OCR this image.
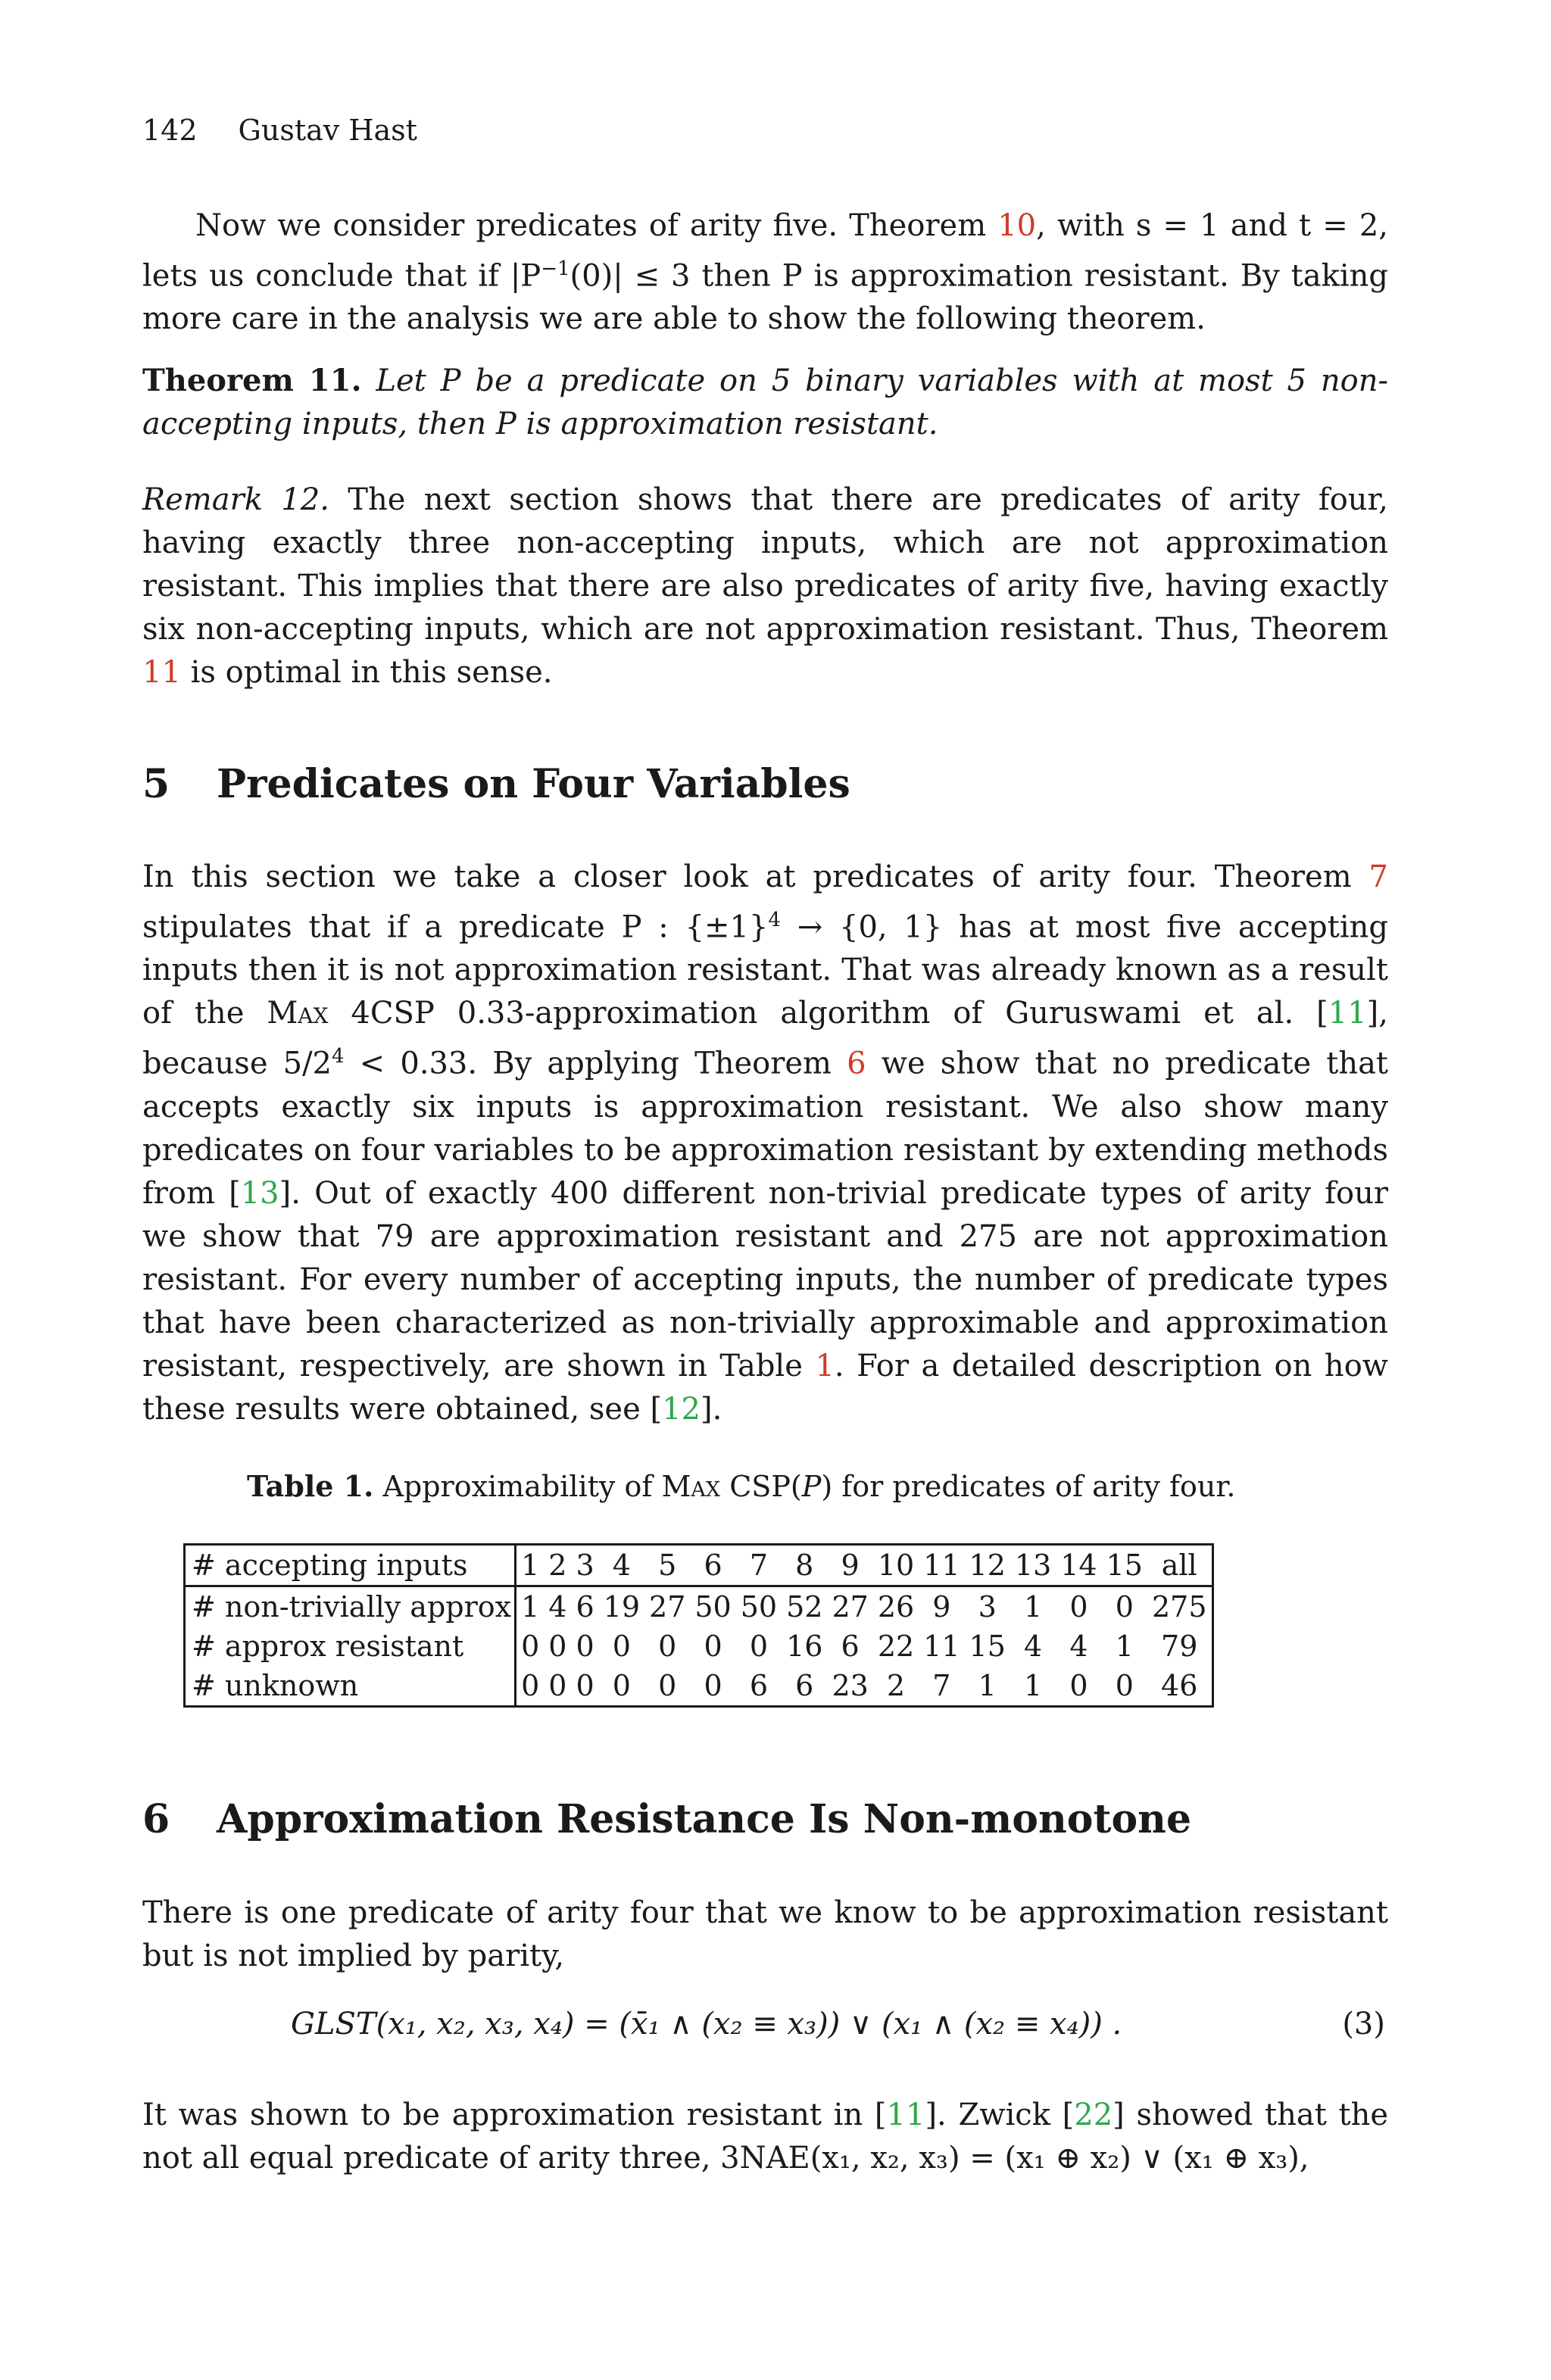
142 Gustav Hast

Now we consider predicates of arity five. Theorem 10, with s = 1 and t = 2, lets us conclude that if $|P^{-1}(0)| \le 3$ then P is approximation resistant. By taking more care in the analysis we are able to show the following theorem.

Theorem 11. Let P be a predicate on 5 binary variables with at most 5 non-accepting inputs, then P is approximation resistant.

Remark 12. The next section shows that there are predicates of arity four, having exactly three non-accepting inputs, which are not approximation resistant. This implies that there are also predicates of arity five, having exactly six non-accepting inputs, which are not approximation resistant. Thus, Theorem 11 is optimal in this sense.

5 Predicates on Four Variables

In this section we take a closer look at predicates of arity four. Theorem 7 stipulates that if a predicate P : $\{\pm 1\}^4 \to \{0$, 1} has at most five accepting inputs then it is not approximation resistant. That was already known as a result of the Max 4CSP 0.33-approximation algorithm of Guruswami et al. [11], because $5/2^4 < 0.33$. By applying Theorem 6 we show that no predicate that accepts exactly six inputs is approximation resistant. We also show many predicates on four variables to be approximation resistant by extending methods from [13]. Out of exactly 400 different non-trivial predicate types of arity four we show that 79 are approximation resistant and 275 are not approximation resistant. For every number of accepting inputs, the number of predicate types that have been characterized as non-trivially approximable and approximation resistant, respectively, are shown in Table 1. For a detailed description on how these results were obtained, see [12].

Table 1. Approximability of Max CSP(P) for predicates of arity four.
# accepting inputs	1	2	3	4	5	6	7	8	9	10	11	12	13	14	15	all
# non-trivially approx	1	4	6	19	27	50	50	52	27	26	9	3	1	0	0	275
# approx resistant	0	0	0	0	0	0	0	16	6	22	11	15	4	4	1	79
# unknown	0	0	0	0	0	0	6	6	23	2	7	1	1	0	0	46
6 Approximation Resistance Is Non-monotone

There is one predicate of arity four that we know to be approximation resistant but is not implied by parity,

GLST(x₁, x₂, x₃, x₄) = (x̄₁ ∧ (x₂ ≡ x₃)) ∨ (x₁ ∧ (x₂ ≡ x₄)) .	(3)

It was shown to be approximation resistant in [11]. Zwick [22] showed that the not all equal predicate of arity three, 3NAE(x₁, x₂, x₃) = (x₁ ⊕ x₂) ∨ (x₁ ⊕ x₃),
